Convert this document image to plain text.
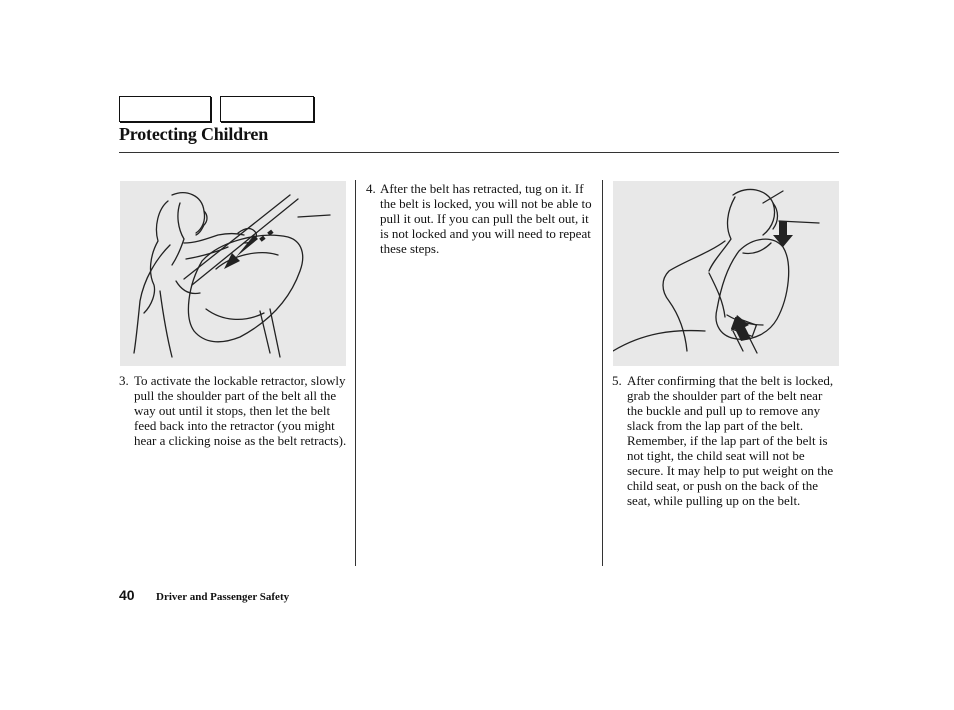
Protecting Children
3. To activate the lockable retractor, slowly pull the shoulder part of the belt all the way out until it stops, then let the belt feed back into the retractor (you might hear a clicking noise as the belt retracts).
4. After the belt has retracted, tug on it. If the belt is locked, you will not be able to pull it out. If you can pull the belt out, it is not locked and you will need to repeat these steps.
5. After confirming that the belt is locked, grab the shoulder part of the belt near the buckle and pull up to remove any slack from the lap part of the belt. Remember, if the lap part of the belt is not tight, the child seat will not be secure. It may help to put weight on the child seat, or push on the back of the seat, while pulling up on the belt.
40 Driver and Passenger Safety
